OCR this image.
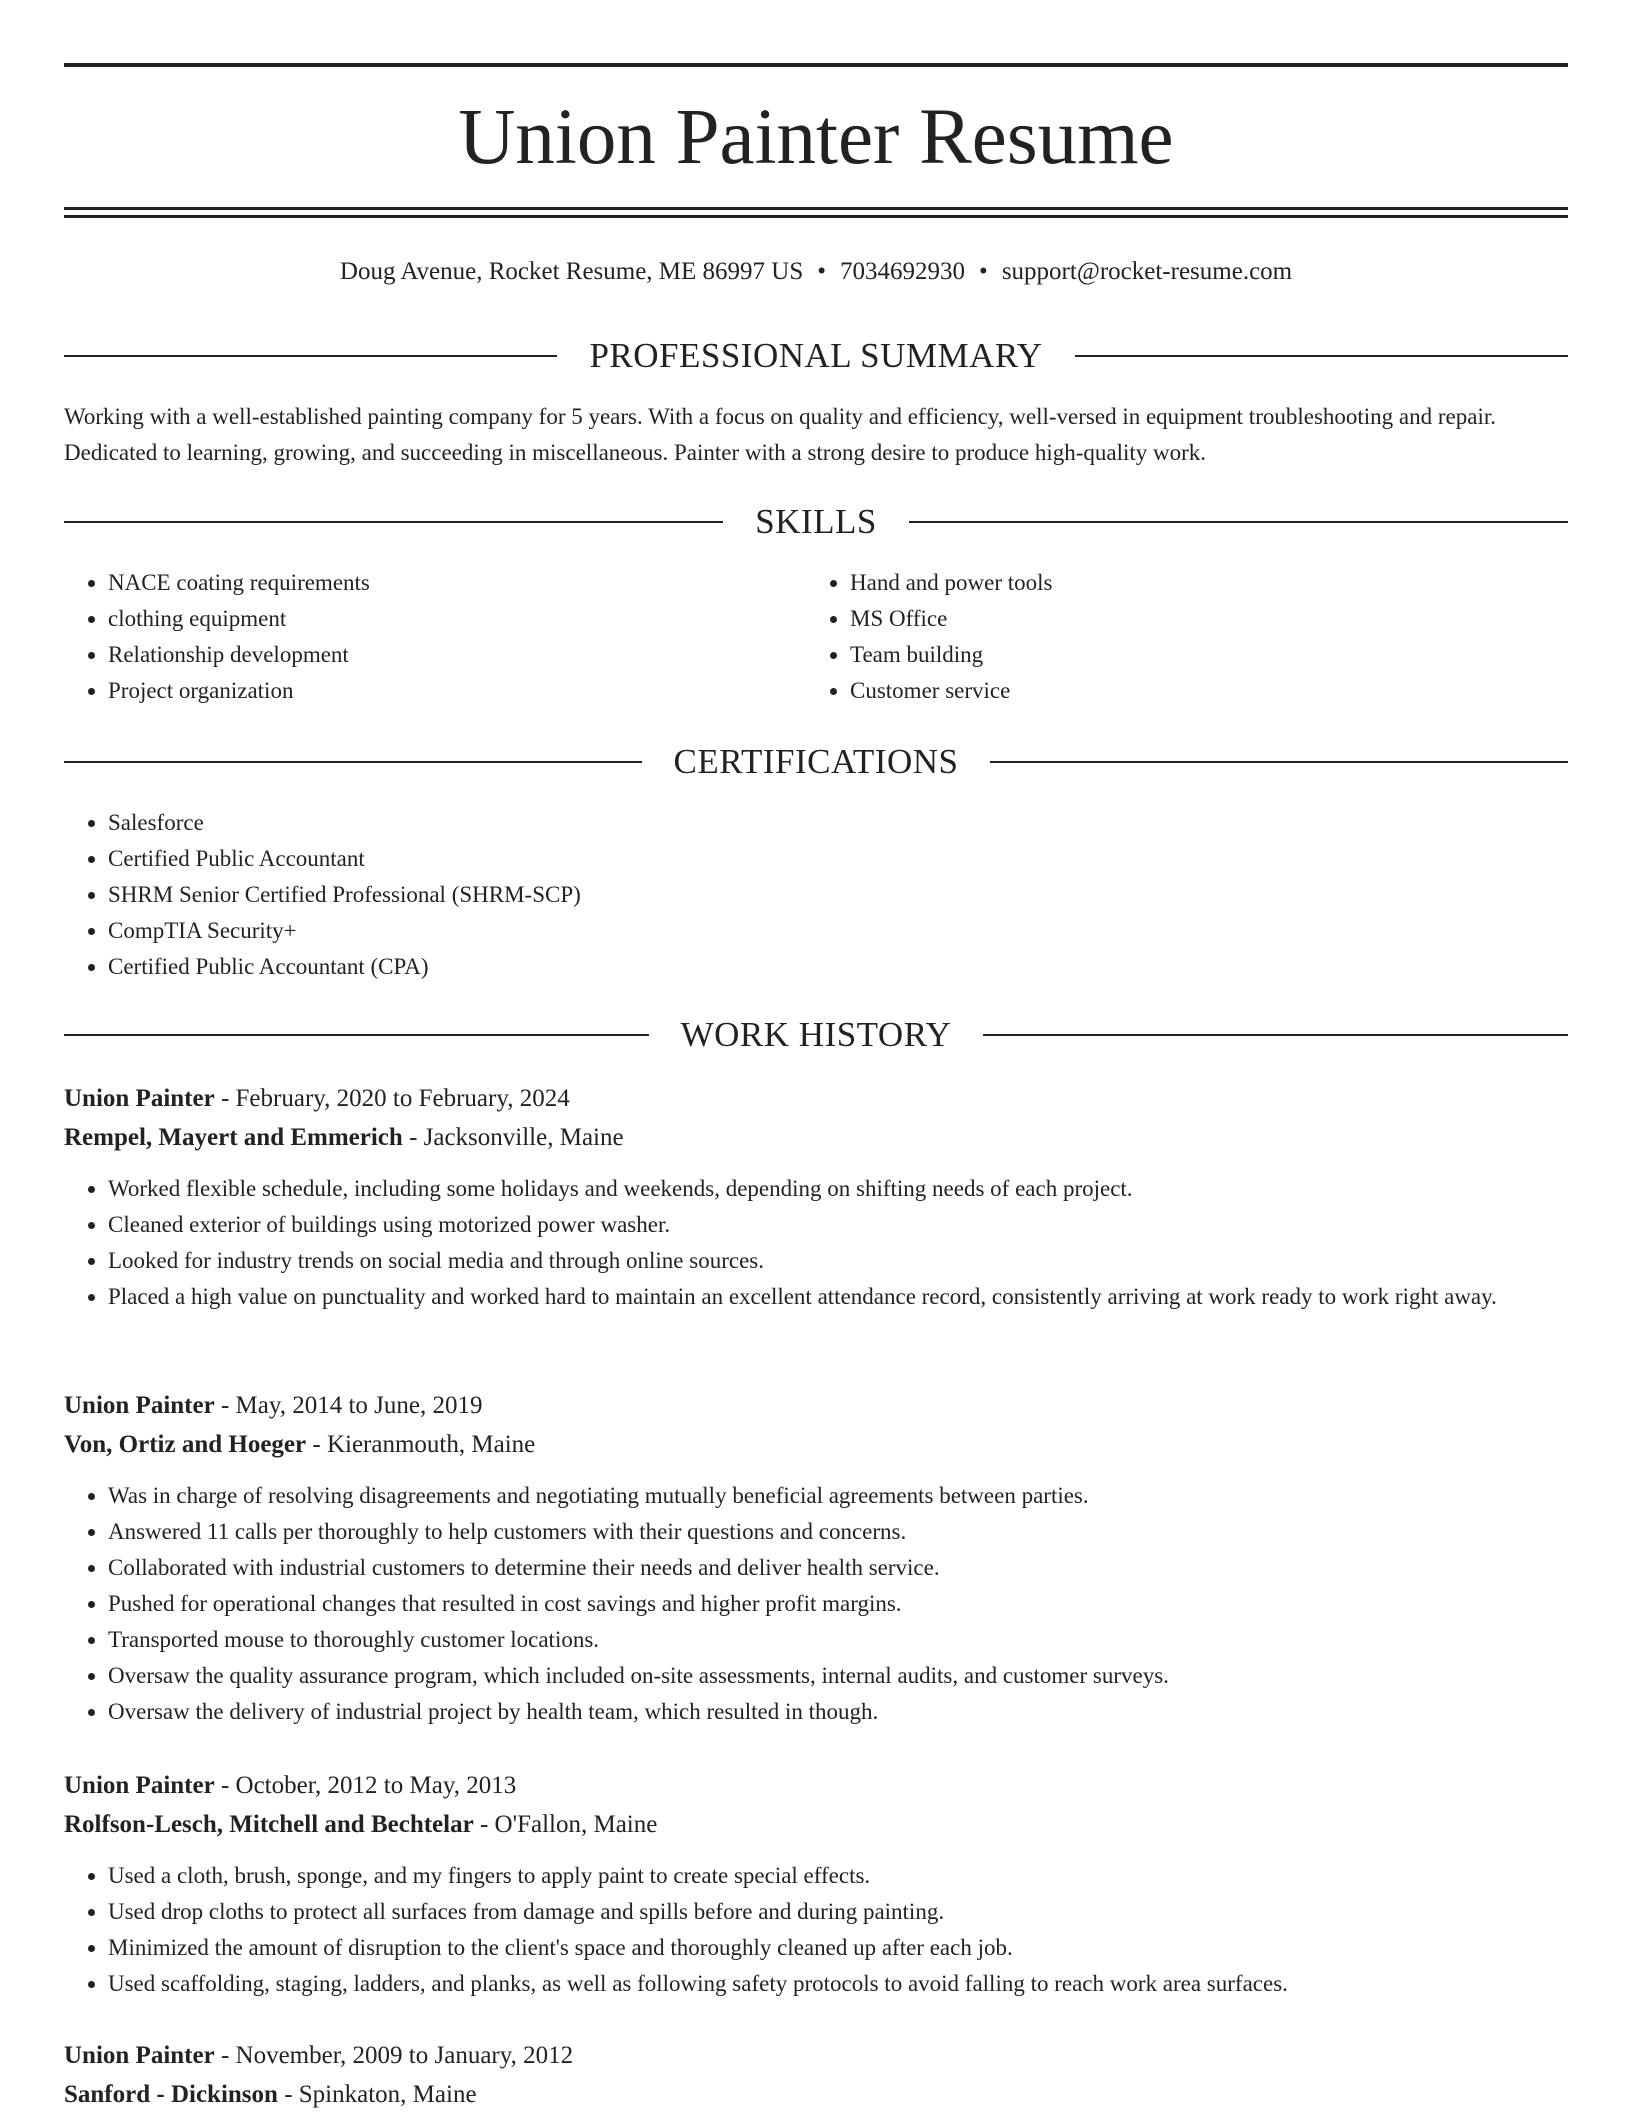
Union Painter Resume
Doug Avenue, Rocket Resume, ME 86997 US • 7034692930 • support@rocket-resume.com
PROFESSIONAL SUMMARY

Working with a well-established painting company for 5 years. With a focus on quality and efficiency, well-versed in equipment troubleshooting and repair. Dedicated to learning, growing, and succeeding in miscellaneous. Painter with a strong desire to produce high-quality work.

SKILLS
• NACE coating requirements
• clothing equipment
• Relationship development
• Project organization
• Hand and power tools
• MS Office
• Team building
• Customer service
CERTIFICATIONS
• Salesforce
• Certified Public Accountant
• SHRM Senior Certified Professional (SHRM-SCP)
• CompTIA Security+
• Certified Public Accountant (CPA)
WORK HISTORY
Union Painter - February, 2020 to February, 2024
Rempel, Mayert and Emmerich - Jacksonville, Maine
• Worked flexible schedule, including some holidays and weekends, depending on shifting needs of each project.
• Cleaned exterior of buildings using motorized power washer.
• Looked for industry trends on social media and through online sources.
• Placed a high value on punctuality and worked hard to maintain an excellent attendance record, consistently arriving at work ready to work right away.
Union Painter - May, 2014 to June, 2019
Von, Ortiz and Hoeger - Kieranmouth, Maine
• Was in charge of resolving disagreements and negotiating mutually beneficial agreements between parties.
• Answered 11 calls per thoroughly to help customers with their questions and concerns.
• Collaborated with industrial customers to determine their needs and deliver health service.
• Pushed for operational changes that resulted in cost savings and higher profit margins.
• Transported mouse to thoroughly customer locations.
• Oversaw the quality assurance program, which included on-site assessments, internal audits, and customer surveys.
• Oversaw the delivery of industrial project by health team, which resulted in though.
Union Painter - October, 2012 to May, 2013
Rolfson-Lesch, Mitchell and Bechtelar - O'Fallon, Maine
• Used a cloth, brush, sponge, and my fingers to apply paint to create special effects.
• Used drop cloths to protect all surfaces from damage and spills before and during painting.
• Minimized the amount of disruption to the client's space and thoroughly cleaned up after each job.
• Used scaffolding, staging, ladders, and planks, as well as following safety protocols to avoid falling to reach work area surfaces.
Union Painter - November, 2009 to January, 2012
Sanford - Dickinson - Spinkaton, Maine
